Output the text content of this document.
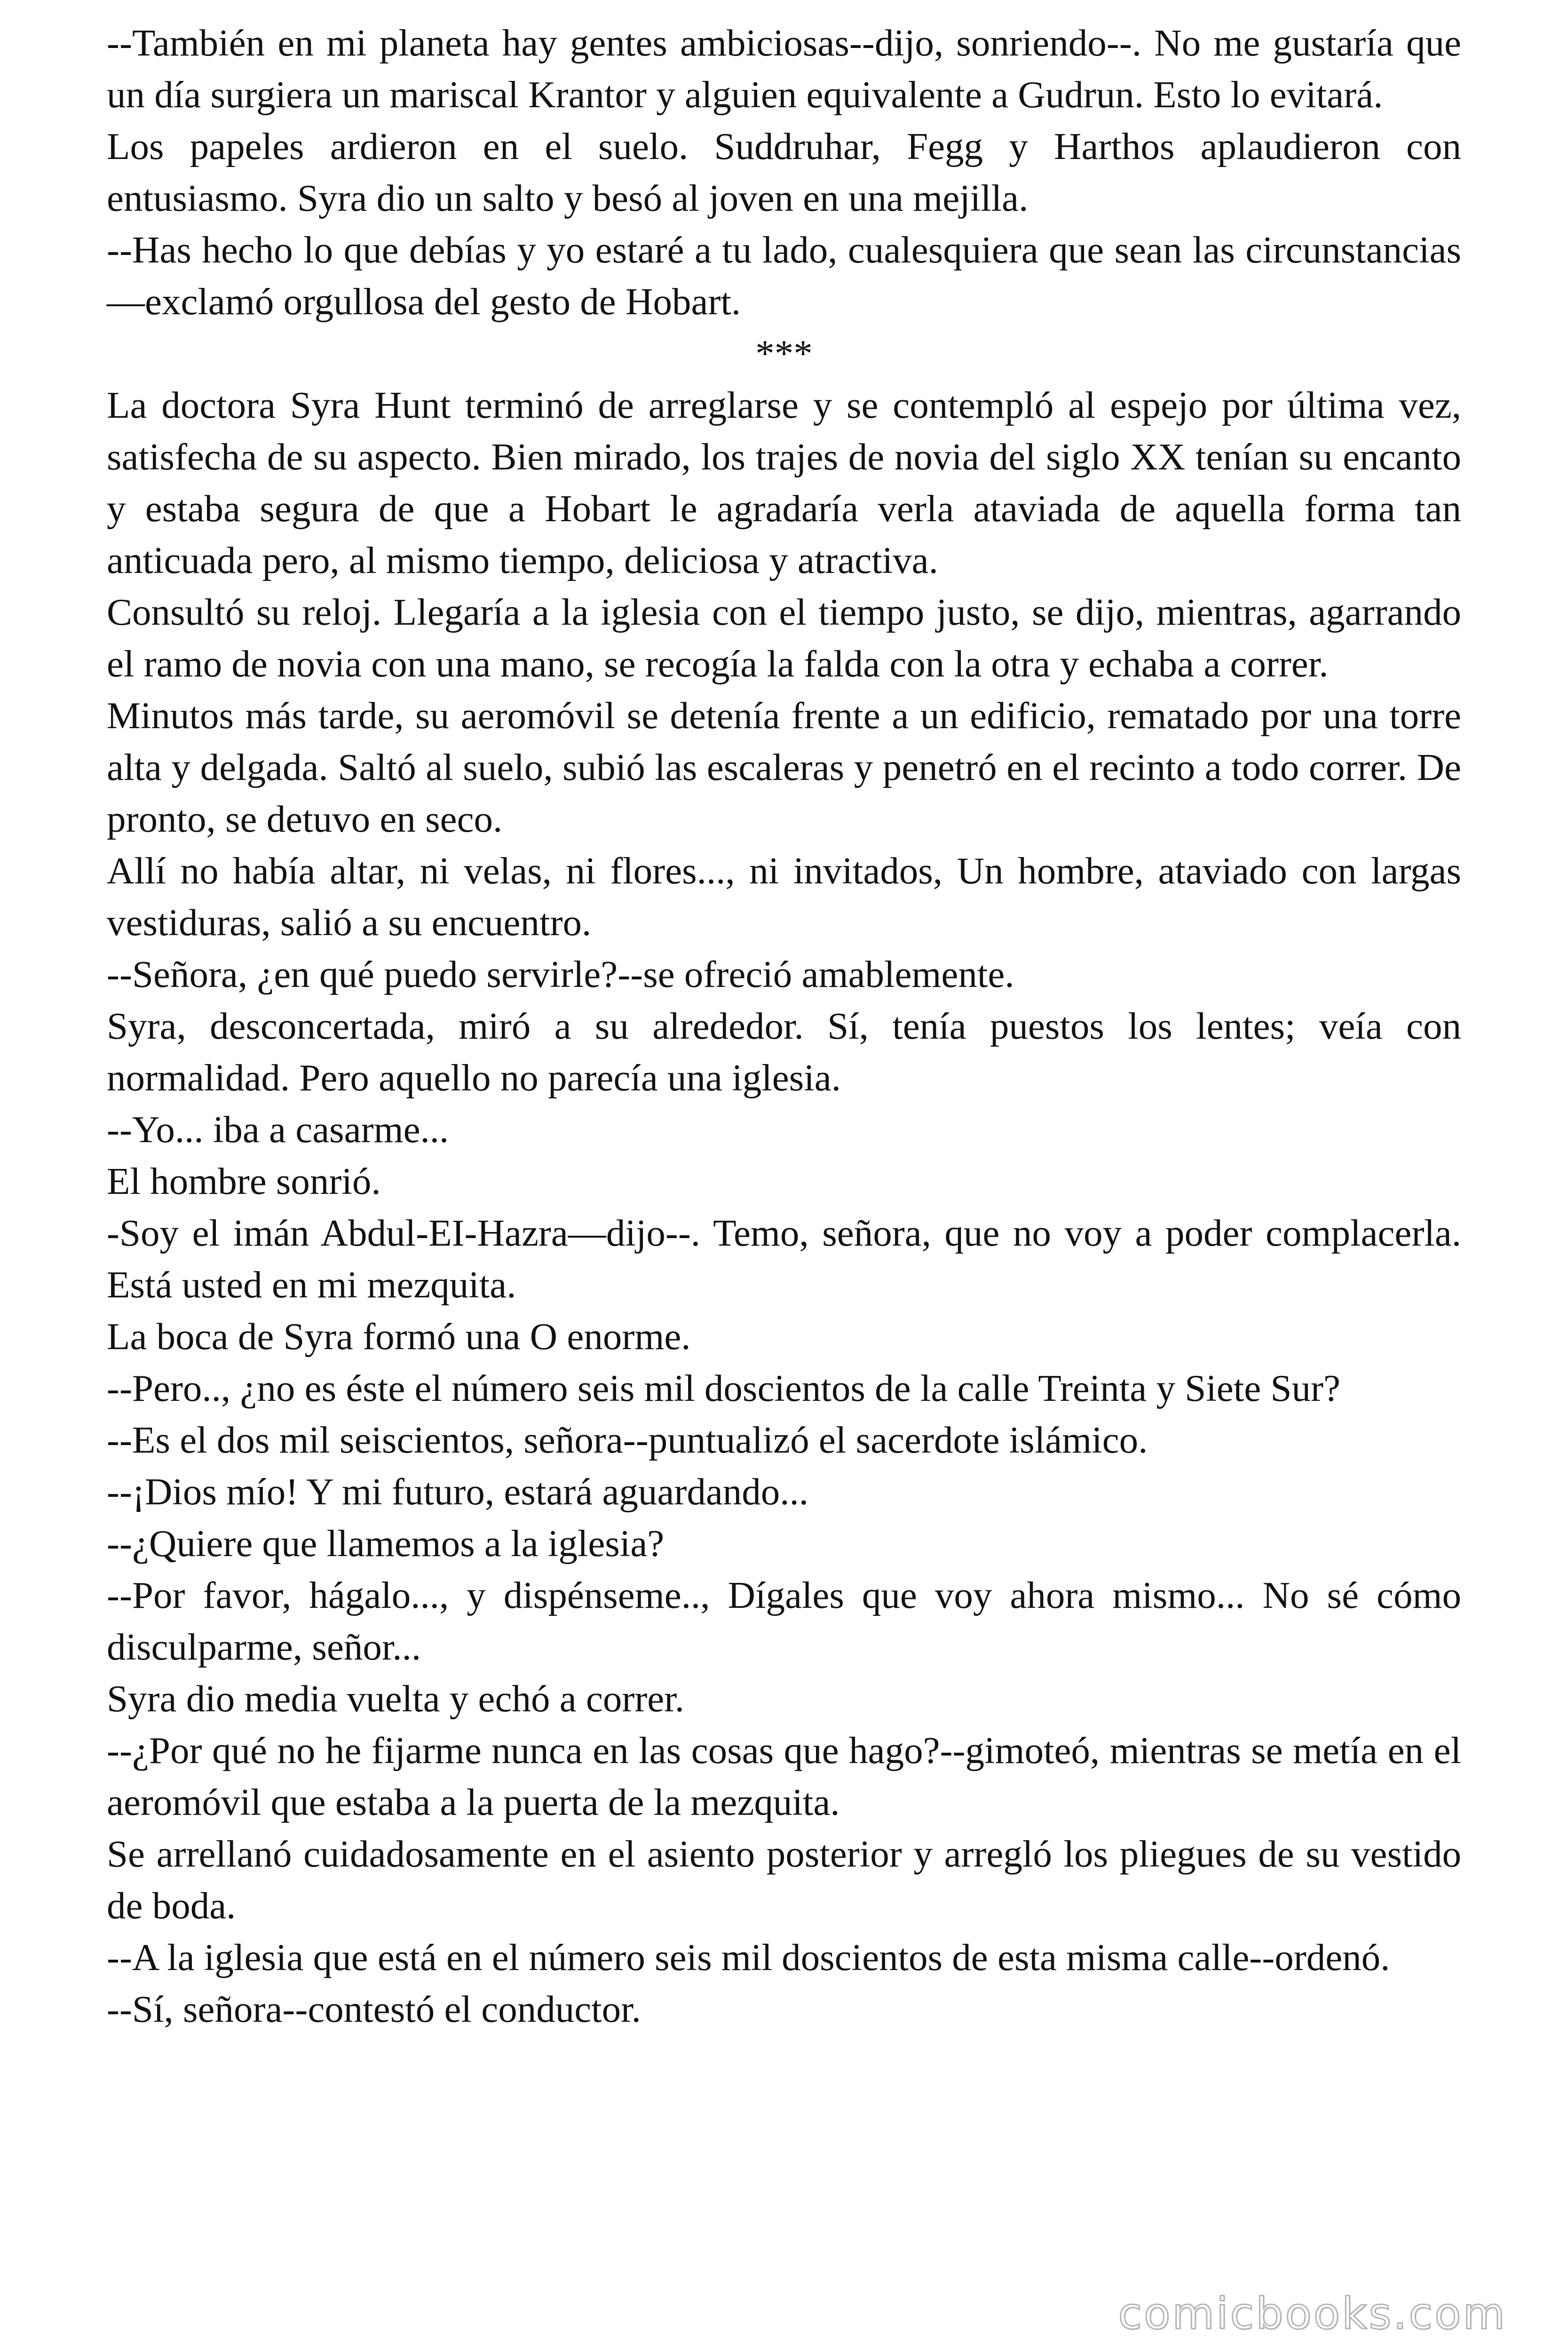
--También en mi planeta hay gentes ambiciosas--dijo, sonriendo--. No me gustaría que un día surgiera un mariscal Krantor y alguien equivalente a Gudrun. Esto lo evitará.

Los papeles ardieron en el suelo. Suddruhar, Fegg y Harthos aplaudieron con entusiasmo. Syra dio un salto y besó al joven en una mejilla.

--Has hecho lo que debías y yo estaré a tu lado, cualesquiera que sean las circunstancias—exclamó orgullosa del gesto de Hobart.

***

La doctora Syra Hunt terminó de arreglarse y se contempló al espejo por última vez, satisfecha de su aspecto. Bien mirado, los trajes de novia del siglo XX tenían su encanto y estaba segura de que a Hobart le agradaría verla ataviada de aquella forma tan anticuada pero, al mismo tiempo, deliciosa y atractiva.

Consultó su reloj. Llegaría a la iglesia con el tiempo justo, se dijo, mientras, agarrando el ramo de novia con una mano, se recogía la falda con la otra y echaba a correr.

Minutos más tarde, su aeromóvil se detenía frente a un edificio, rematado por una torre alta y delgada. Saltó al suelo, subió las escaleras y penetró en el recinto a todo correr. De pronto, se detuvo en seco.

Allí no había altar, ni velas, ni flores..., ni invitados, Un hombre, ataviado con largas vestiduras, salió a su encuentro.

--Señora, ¿en qué puedo servirle?--se ofreció amablemente.

Syra, desconcertada, miró a su alrededor. Sí, tenía puestos los lentes; veía con normalidad. Pero aquello no parecía una iglesia.

--Yo... iba a casarme...

El hombre sonrió.

-Soy el imán Abdul-EI-Hazra—dijo--. Temo, señora, que no voy a poder complacerla. Está usted en mi mezquita.

La boca de Syra formó una O enorme.

--Pero.., ¿no es éste el número seis mil doscientos de la calle Treinta y Siete Sur?

--Es el dos mil seiscientos, señora--puntualizó el sacerdote islámico.

--¡Dios mío! Y mi futuro, estará aguardando...

--¿Quiere que llamemos a la iglesia?

--Por favor, hágalo..., y dispénseme.., Dígales que voy ahora mismo... No sé cómo disculparme, señor...

Syra dio media vuelta y echó a correr.

--¿Por qué no he fijarme nunca en las cosas que hago?--gimoteó, mientras se metía en el aeromóvil que estaba a la puerta de la mezquita.

Se arrellanó cuidadosamente en el asiento posterior y arregló los pliegues de su vestido de boda.

--A la iglesia que está en el número seis mil doscientos de esta misma calle--ordenó.

--Sí, señora--contestó el conductor.

comicbooks.com
